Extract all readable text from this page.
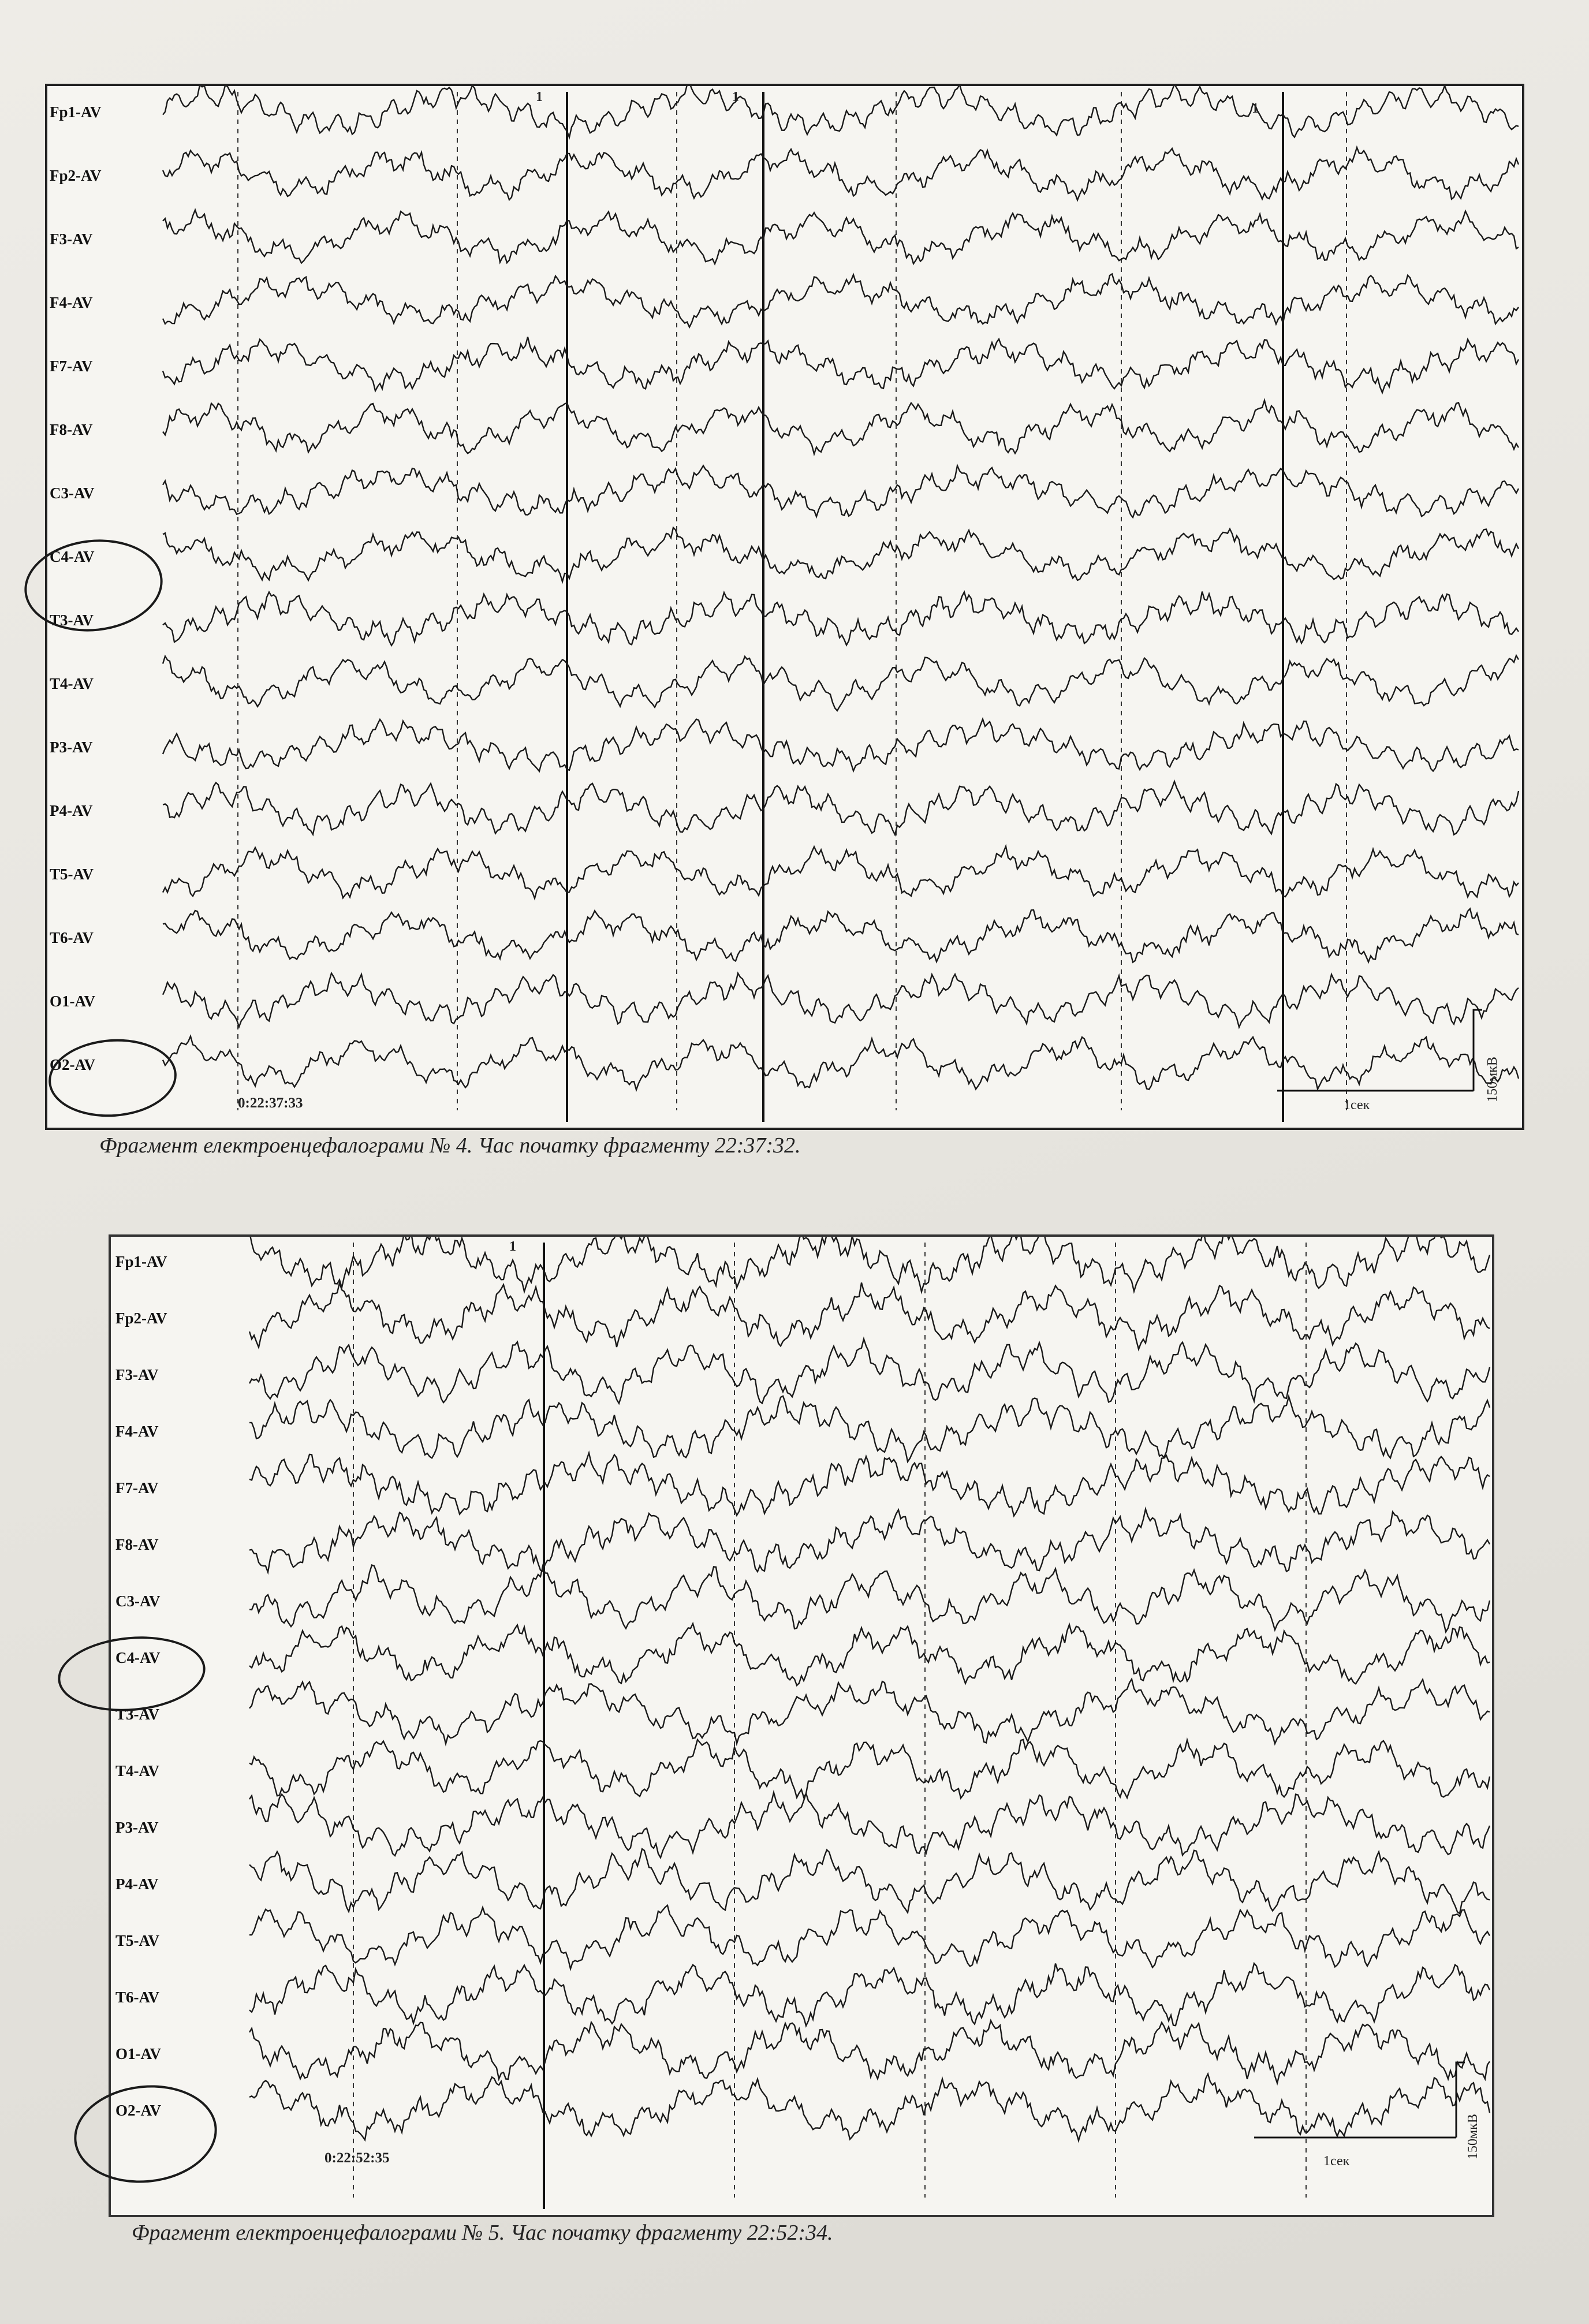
Fp1-AV
Fp2-AV
F3-AV
F4-AV
F7-AV
F8-AV
C3-AV
C4-AV
T3-AV
T4-AV
P3-AV
P4-AV
T5-AV
T6-AV
O1-AV
O2-AV
0:22:37:33	1сек
150мкВ
1	1
1
Фрагмент електроенцефалограми № 4. Час початку фрагменту 22:37:32.
Fp1-AV
Fp2-AV
F3-AV
F4-AV
F7-AV
F8-AV
C3-AV
C4-AV
T3-AV
T4-AV
P3-AV
P4-AV
T5-AV
T6-AV
O1-AV
O2-AV
0:22:52:35	1сек
150мкВ
1
Фрагмент електроенцефалограми № 5. Час початку фрагменту 22:52:34.
